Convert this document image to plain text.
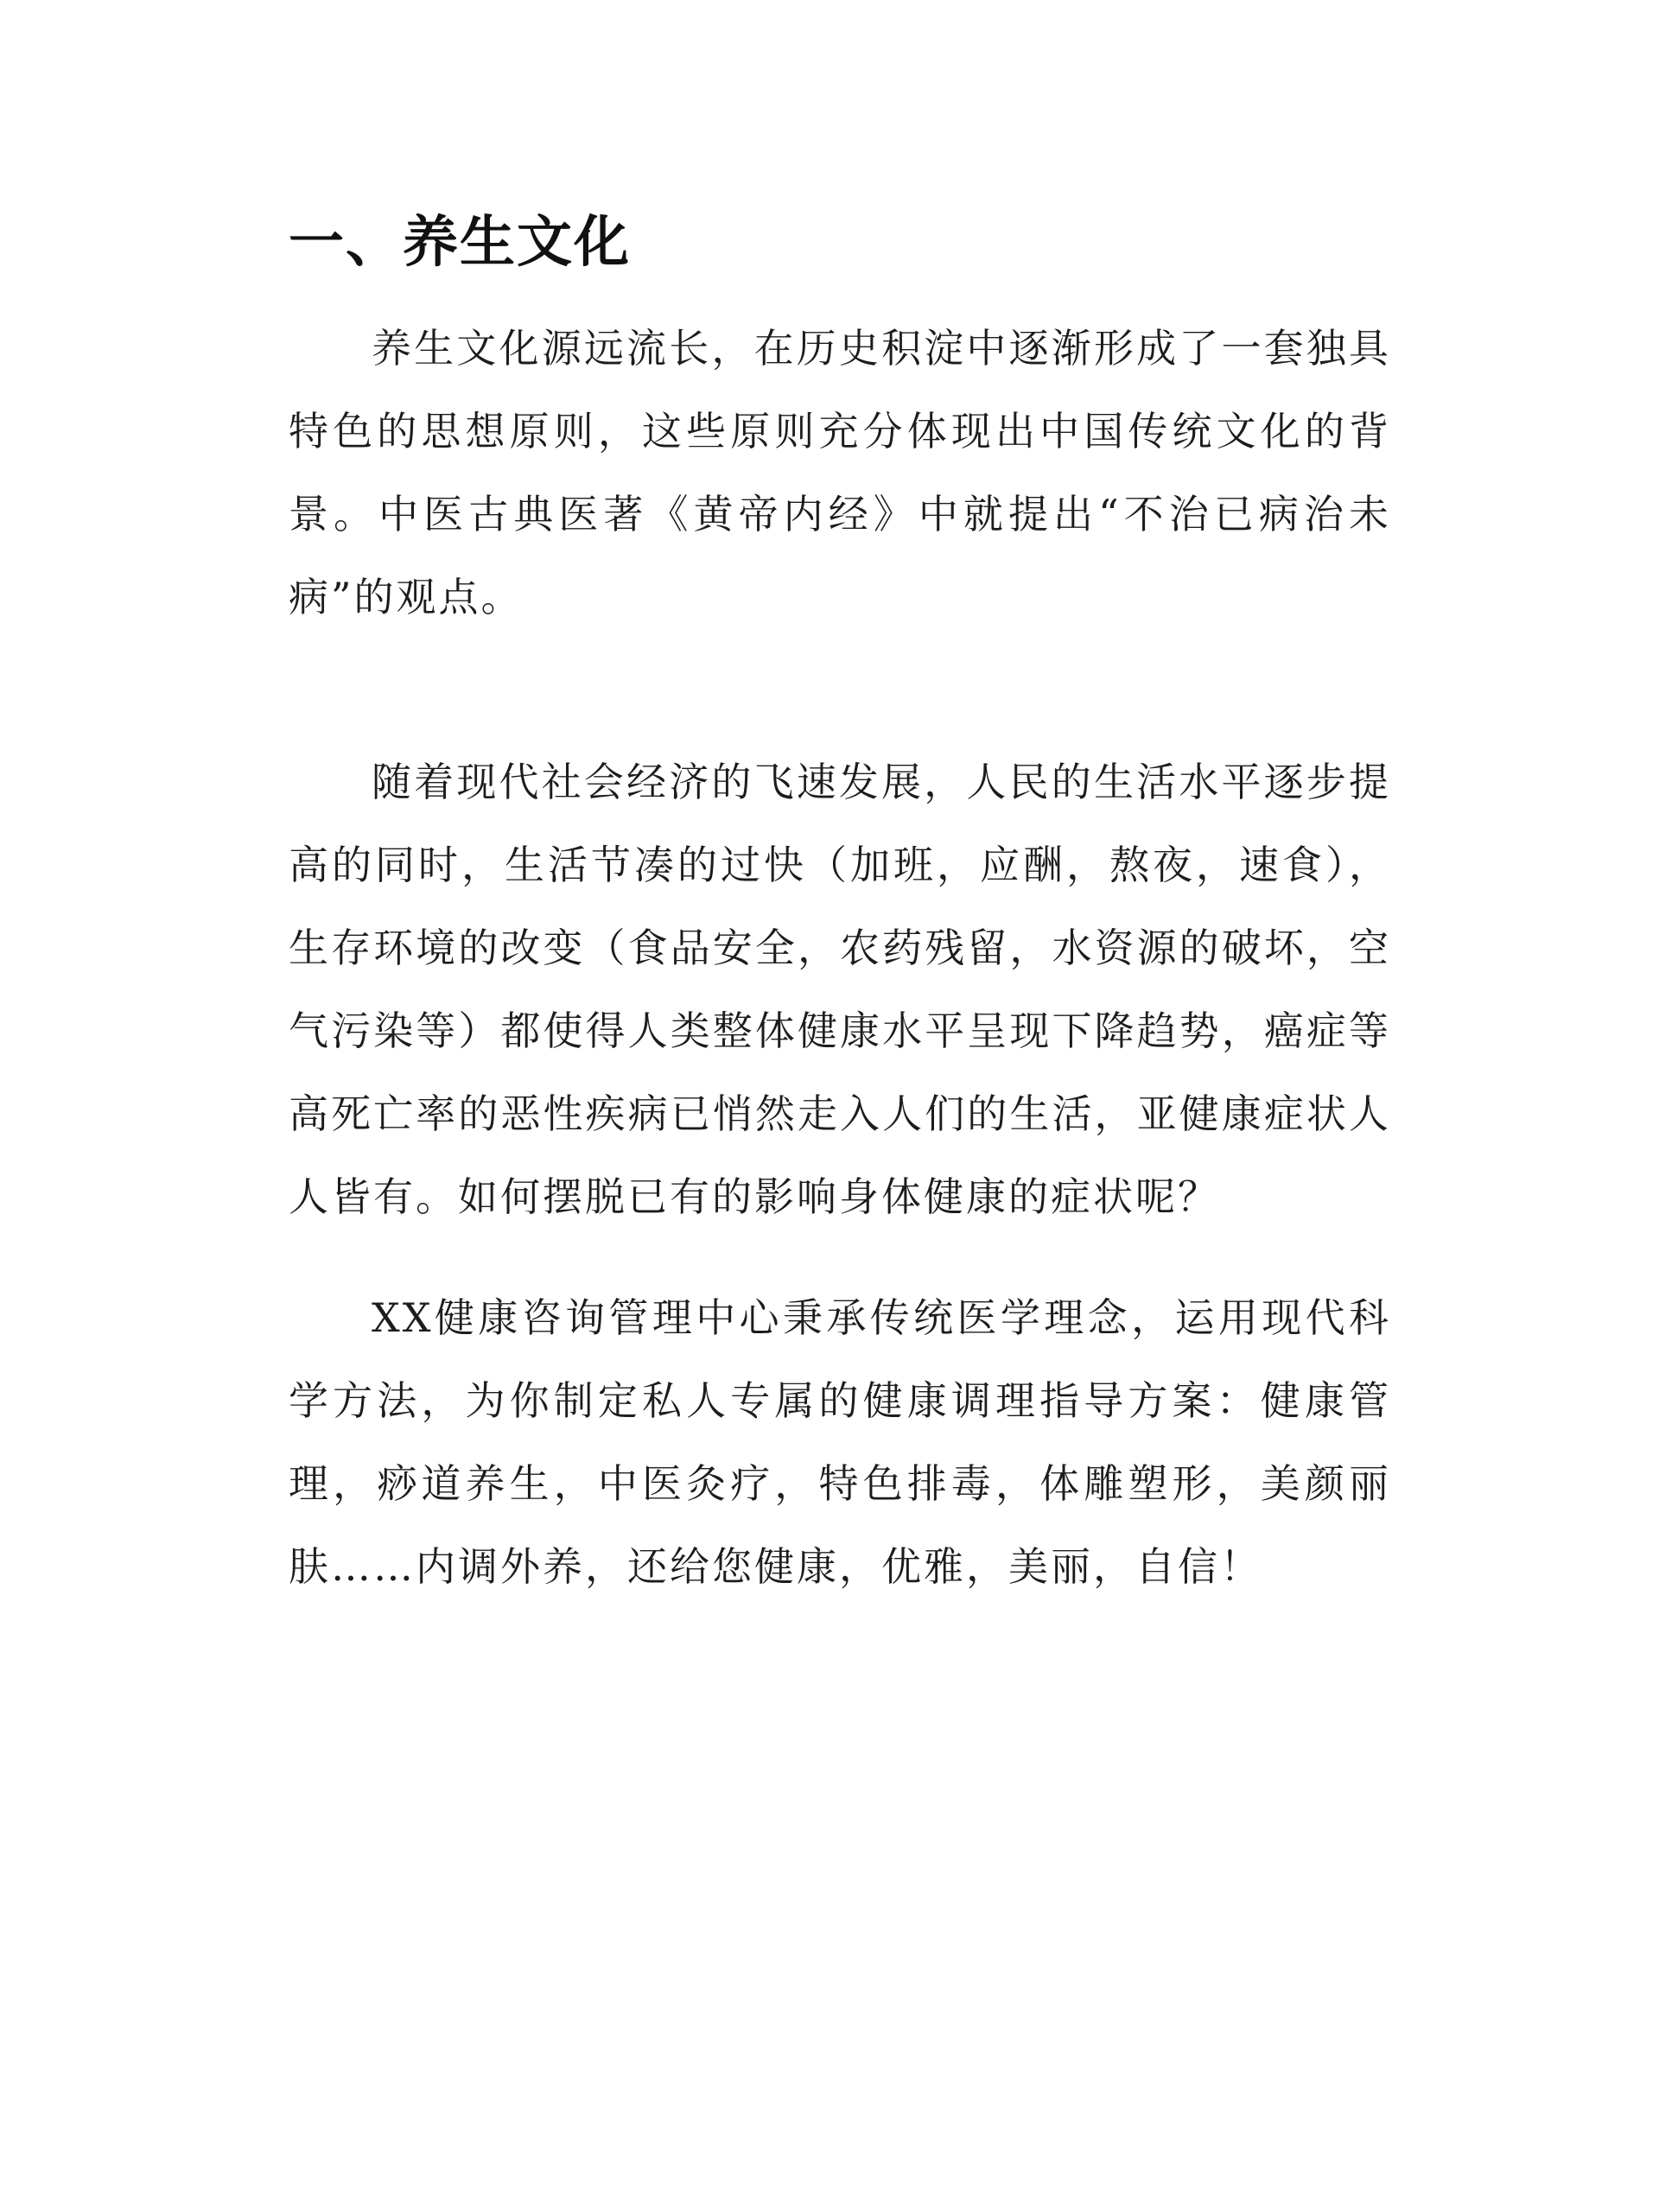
一、养生文化

养生文化源远流长，在历史积淀中逐渐形成了一套独具特色的思想原则，这些原则充分体现出中国传统文化的背景。中医古典医著《黄帝内经》中就提出“不治已病治未病”的观点。

随着现代社会经济的飞速发展，人民的生活水平逐步提高的同时，生活节凑的过快（加班，应酬，熬夜，速食），生存环境的改变（食品安全，农药残留，水资源的破坏，空气污染等）都使得人类整体健康水平呈现下降趋势，癌症等高死亡率的恶性疾病已悄然走入人们的生活，亚健康症状人人皆有。如何摆脱已有的影响身体健康的症状呢？

XX健康咨询管理中心秉承传统医学理念，运用现代科学方法，为你制定私人专属的健康调理指导方案：健康管理，痧道养生，中医灸疗，特色排毒，体雕塑形，美颜丽肤……内调外养，还给您健康，优雅，美丽，自信！
